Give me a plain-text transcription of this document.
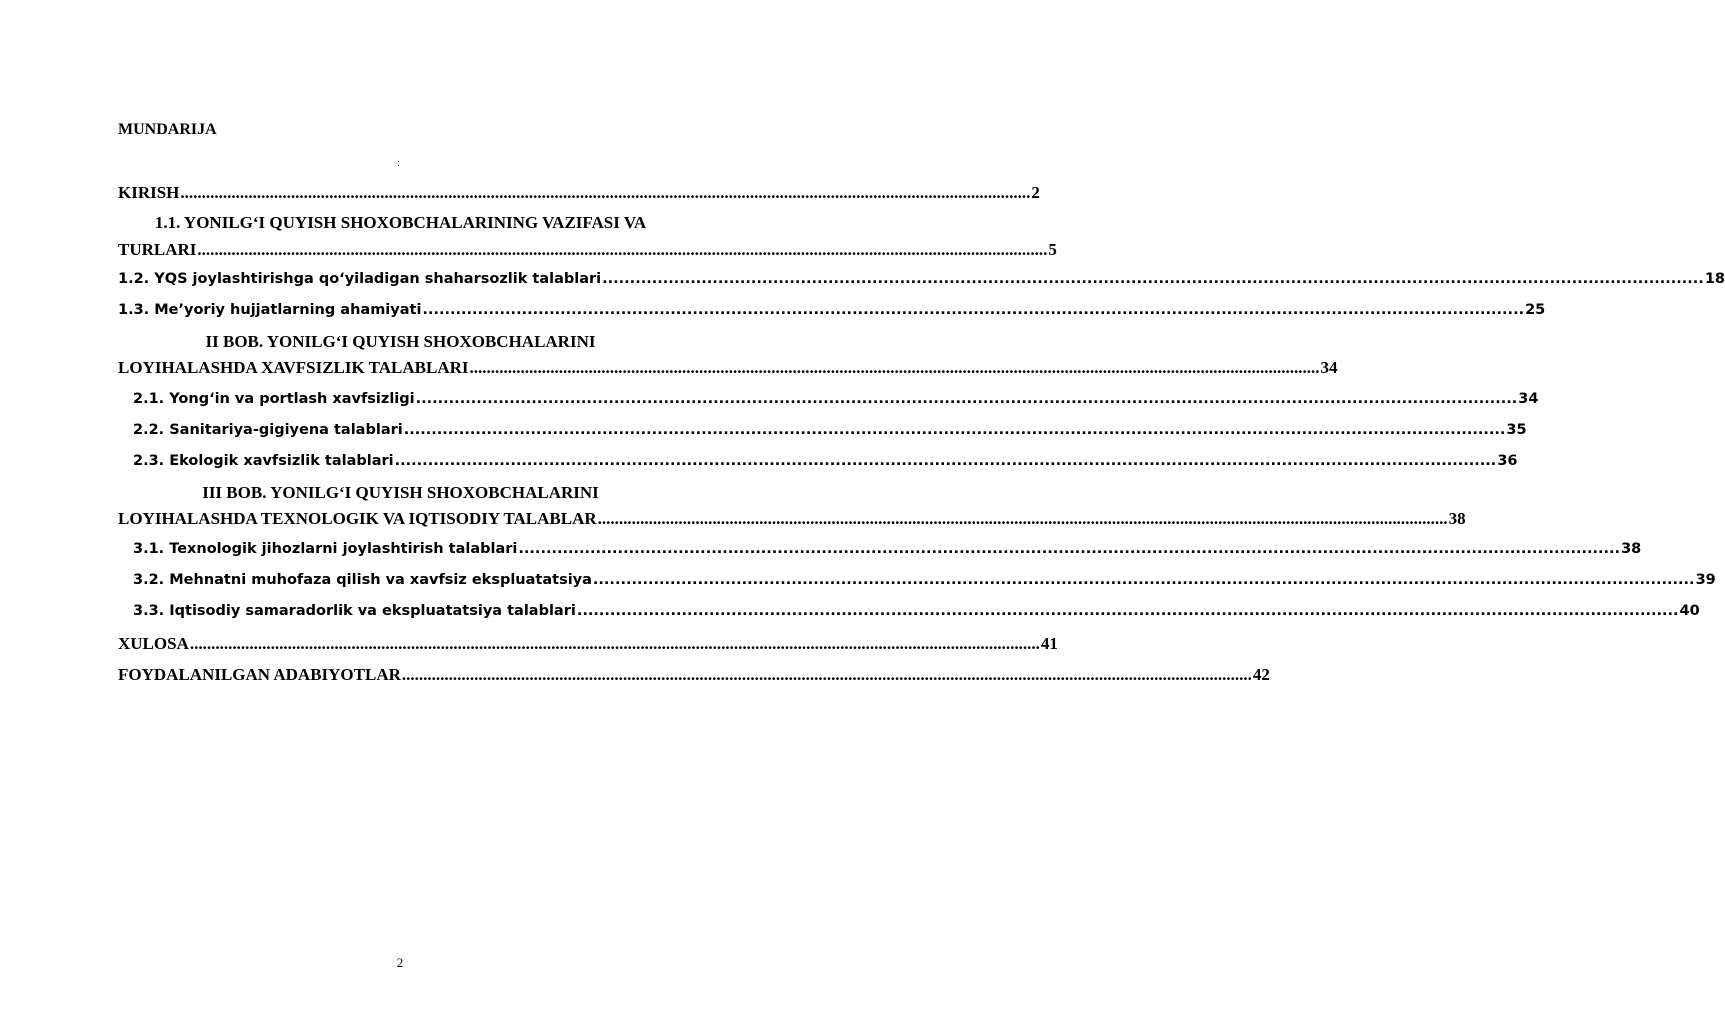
MUNDARIJA
:
KIRISH ........................................................................................................................................................................................................ 2
1.1. YONILG‘I QUYISH SHOXOBCHALARINING VAZIFASI VA
TURLARI ........................................................................................................................................................................................................ 5
1.2. YQS joylashtirishga qo‘yiladigan shaharsozlik talablari ........................................................................................................................................................................................................ 18
1.3. Me’yoriy hujjatlarning ahamiyati ........................................................................................................................................................................................................ 25
II BOB. YONILG‘I QUYISH SHOXOBCHALARINI
LOYIHALASHDA XAVFSIZLIK TALABLARI ........................................................................................................................................................................................................ 34
2.1. Yong‘in va portlash xavfsizligi ........................................................................................................................................................................................................ 34
2.2. Sanitariya-gigiyena talablari ........................................................................................................................................................................................................ 35
2.3. Ekologik xavfsizlik talablari ........................................................................................................................................................................................................ 36
III BOB. YONILG‘I QUYISH SHOXOBCHALARINI
LOYIHALASHDA TEXNOLOGIK VA IQTISODIY TALABLAR ........................................................................................................................................................................................................ 38
3.1. Texnologik jihozlarni joylashtirish talablari ........................................................................................................................................................................................................ 38
3.2. Mehnatni muhofaza qilish va xavfsiz ekspluatatsiya ........................................................................................................................................................................................................ 39
3.3. Iqtisodiy samaradorlik va ekspluatatsiya talablari ........................................................................................................................................................................................................ 40
XULOSA ........................................................................................................................................................................................................ 41
FOYDALANILGAN ADABIYOTLAR ........................................................................................................................................................................................................ 42
2
